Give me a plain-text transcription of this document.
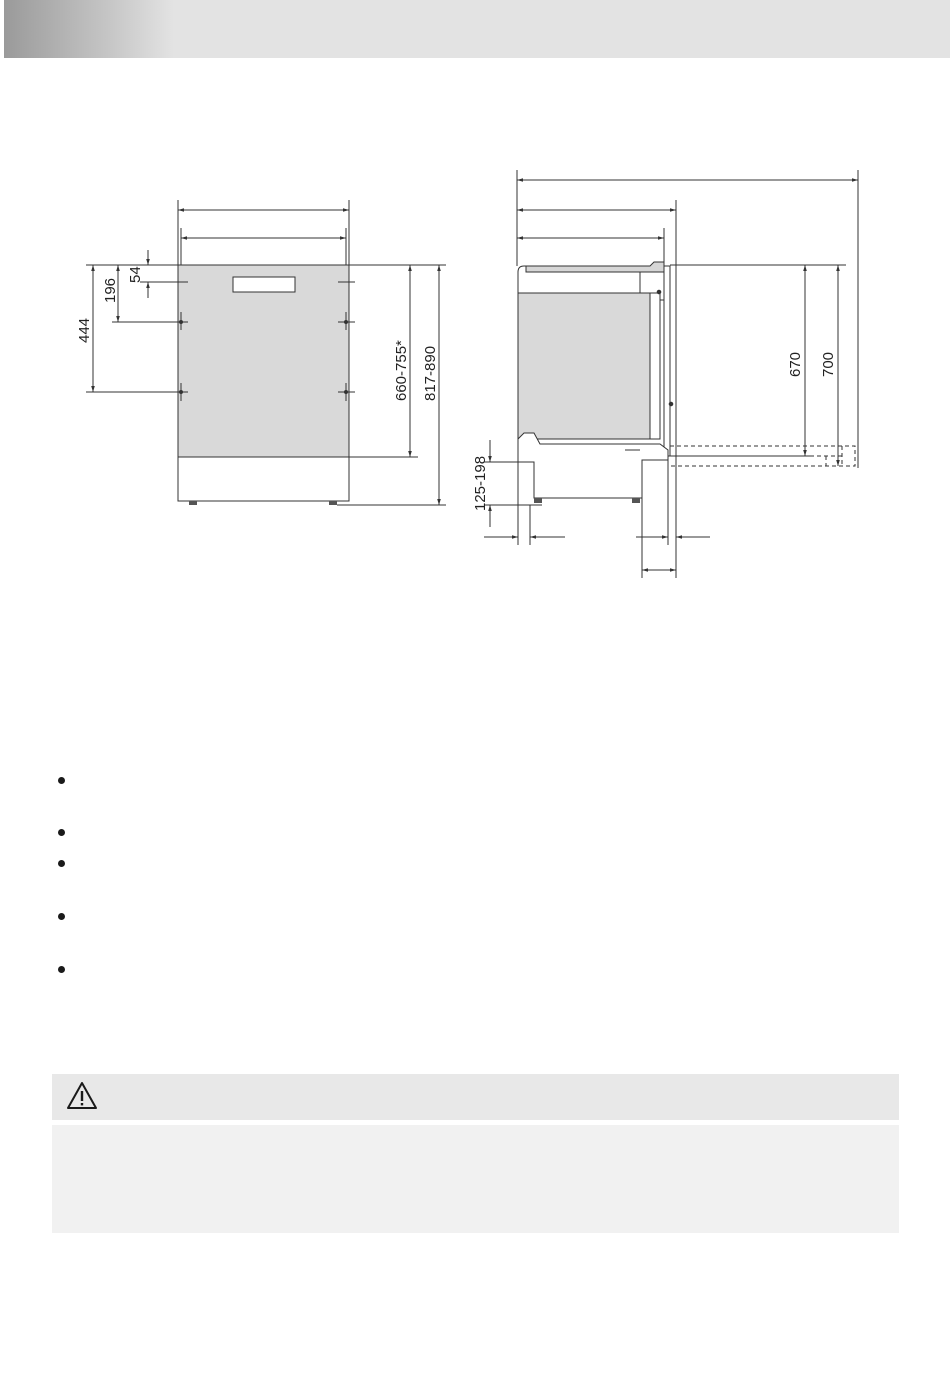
54
196
444
660-755* 817-890
125-198
670 700
